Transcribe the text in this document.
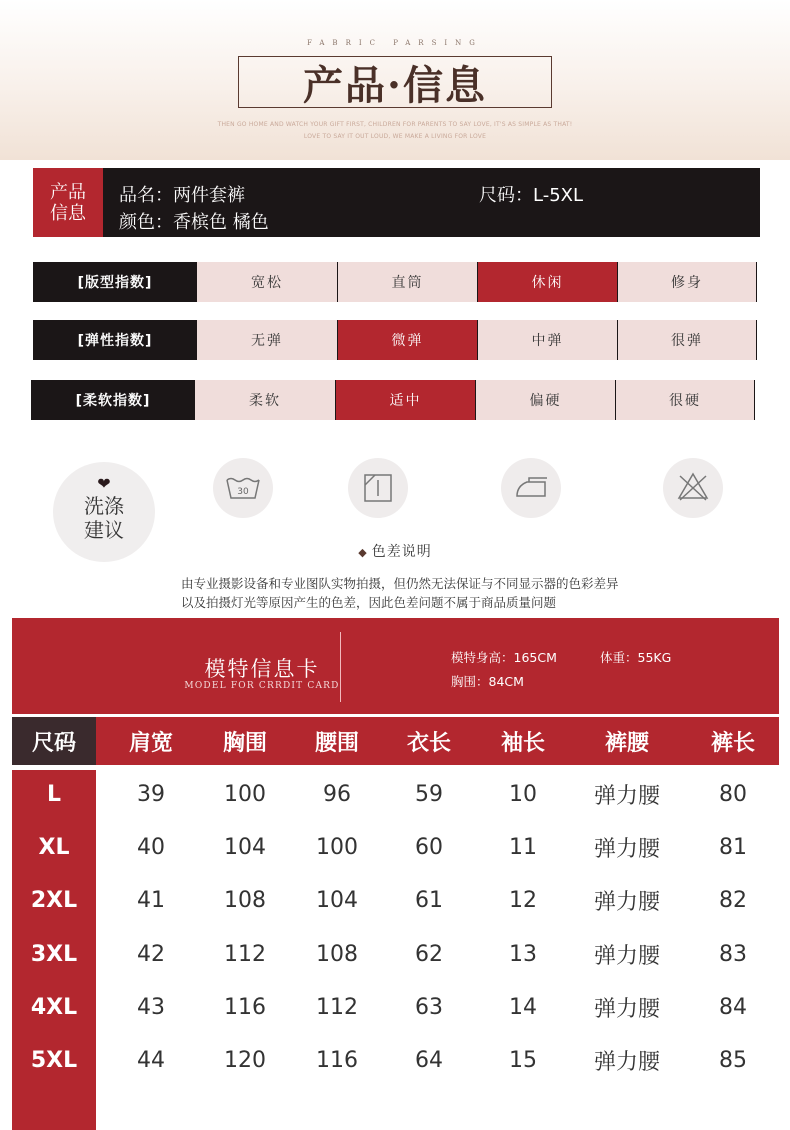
FABRIC PARSING
产品·信息
THEN GO HOME AND WATCH YOUR GIFT FIRST, CHILDREN FOR PARENTS TO SAY LOVE, IT'S AS SIMPLE AS THAT!
LOVE TO SAY IT OUT LOUD, WE MAKE A LIVING FOR LOVE
产品信息
品名：两件套裤
颜色：香槟色 橘色
尺码：L-5XL
[版型指数]	宽松	直筒	休闲	修身
[弹性指数]	无弹	微弹	中弹	很弹
[柔软指数]	柔软	适中	偏硬	很硬
❤
洗涤建议
30
◆ 色差说明
由专业摄影设备和专业图队实物拍摄，但仍然无法保证与不同显示器的色彩差异
以及拍摄灯光等原因产生的色差，因此色差问题不属于商品质量问题
模特信息卡
MODEL FOR CRRDIT CARD
模特身高：165CM	体重：55KG
胸围：84CM
尺码	肩宽	胸围	腰围	衣长	袖长	裤腰	裤长
L	39	100	96	59	10	弹力腰	80
XL	40	104	100	60	11	弹力腰	81
2XL	41	108	104	61	12	弹力腰	82
3XL	42	112	108	62	13	弹力腰	83
4XL	43	116	112	63	14	弹力腰	84
5XL	44	120	116	64	15	弹力腰	85
